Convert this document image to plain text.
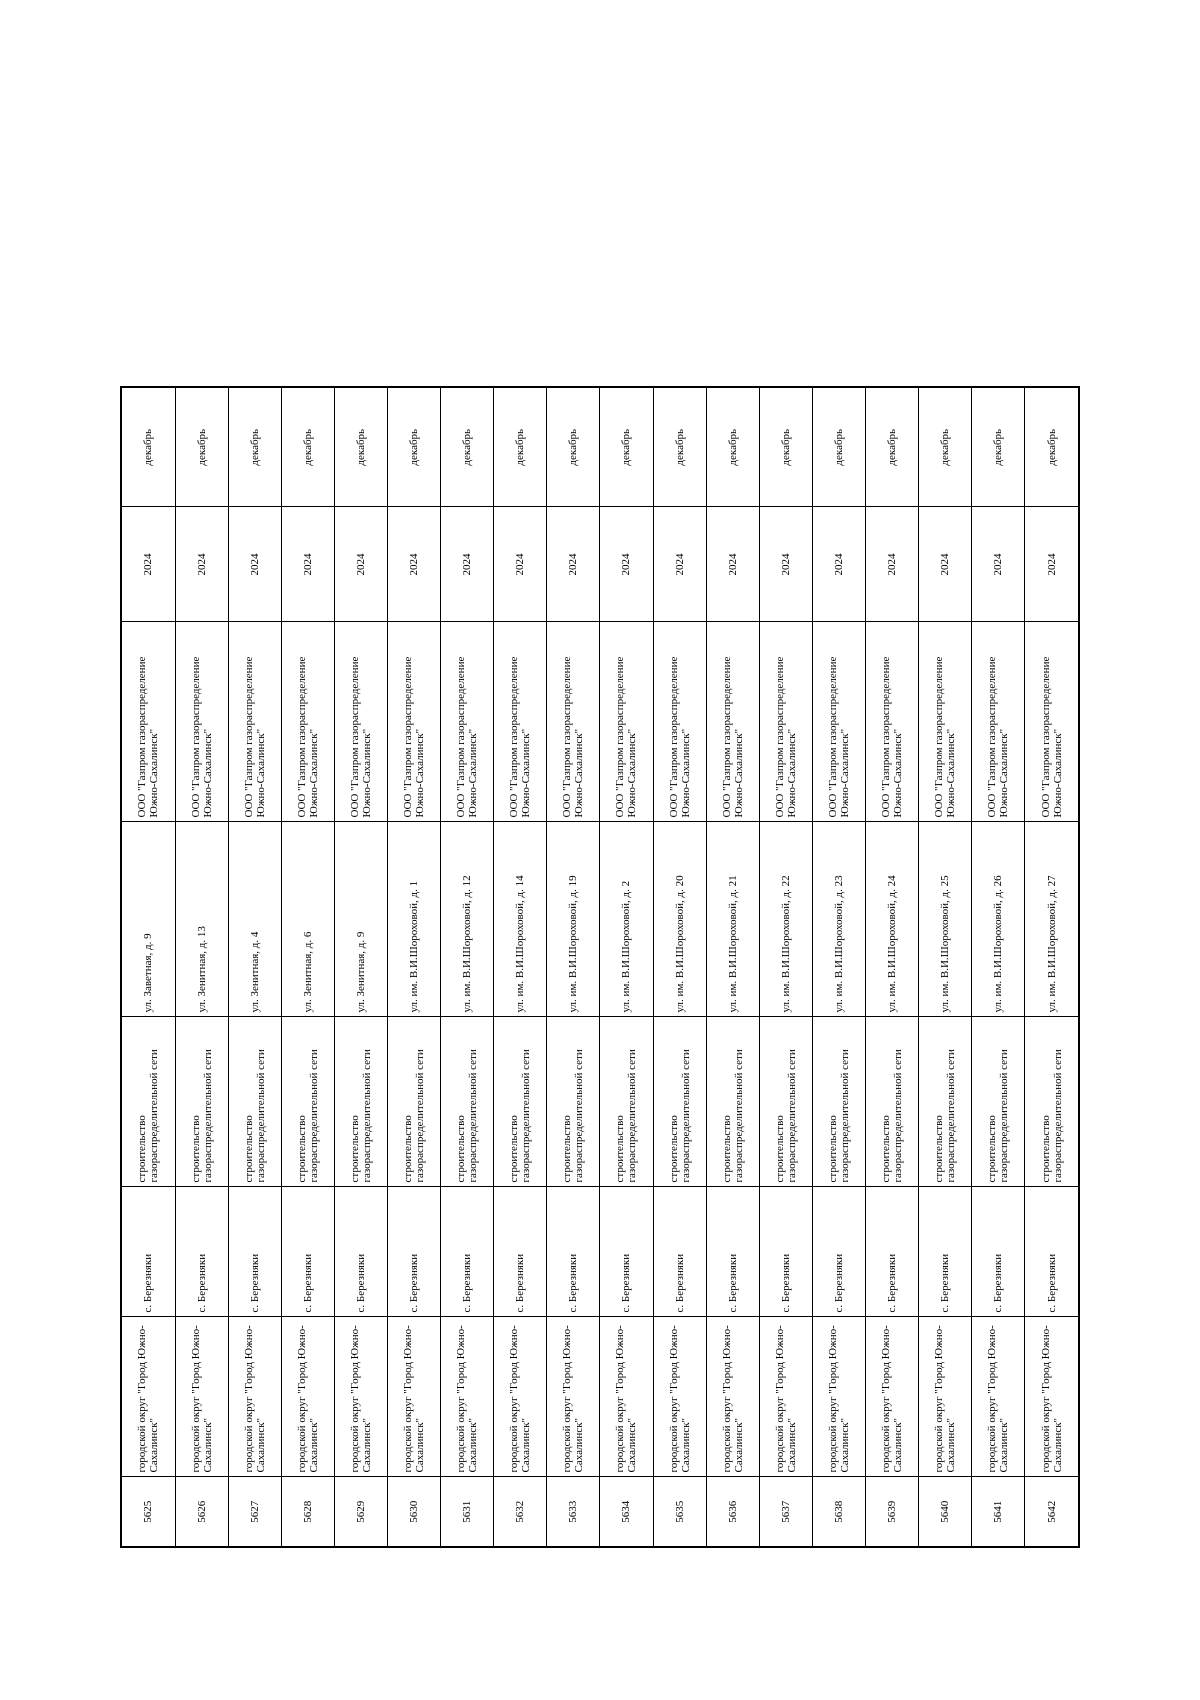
5625	городской округ "Город Южно-Сахалинск"	с. Березняки	строительство газораспределительной сети	ул. Заветная, д. 9	ООО "Газпром газораспределение Южно-Сахалинск"	2024	декабрь
5626	городской округ "Город Южно-Сахалинск"	с. Березняки	строительство газораспределительной сети	ул. Зенитная, д. 13	ООО "Газпром газораспределение Южно-Сахалинск"	2024	декабрь
5627	городской округ "Город Южно-Сахалинск"	с. Березняки	строительство газораспределительной сети	ул. Зенитная, д. 4	ООО "Газпром газораспределение Южно-Сахалинск"	2024	декабрь
5628	городской округ "Город Южно-Сахалинск"	с. Березняки	строительство газораспределительной сети	ул. Зенитная, д. 6	ООО "Газпром газораспределение Южно-Сахалинск"	2024	декабрь
5629	городской округ "Город Южно-Сахалинск"	с. Березняки	строительство газораспределительной сети	ул. Зенитная, д. 9	ООО "Газпром газораспределение Южно-Сахалинск"	2024	декабрь
5630	городской округ "Город Южно-Сахалинск"	с. Березняки	строительство газораспределительной сети	ул. им. В.И.Шороховой, д. 1	ООО "Газпром газораспределение Южно-Сахалинск"	2024	декабрь
5631	городской округ "Город Южно-Сахалинск"	с. Березняки	строительство газораспределительной сети	ул. им. В.И.Шороховой, д. 12	ООО "Газпром газораспределение Южно-Сахалинск"	2024	декабрь
5632	городской округ "Город Южно-Сахалинск"	с. Березняки	строительство газораспределительной сети	ул. им. В.И.Шороховой, д. 14	ООО "Газпром газораспределение Южно-Сахалинск"	2024	декабрь
5633	городской округ "Город Южно-Сахалинск"	с. Березняки	строительство газораспределительной сети	ул. им. В.И.Шороховой, д. 19	ООО "Газпром газораспределение Южно-Сахалинск"	2024	декабрь
5634	городской округ "Город Южно-Сахалинск"	с. Березняки	строительство газораспределительной сети	ул. им. В.И.Шороховой, д. 2	ООО "Газпром газораспределение Южно-Сахалинск"	2024	декабрь
5635	городской округ "Город Южно-Сахалинск"	с. Березняки	строительство газораспределительной сети	ул. им. В.И.Шороховой, д. 20	ООО "Газпром газораспределение Южно-Сахалинск"	2024	декабрь
5636	городской округ "Город Южно-Сахалинск"	с. Березняки	строительство газораспределительной сети	ул. им. В.И.Шороховой, д. 21	ООО "Газпром газораспределение Южно-Сахалинск"	2024	декабрь
5637	городской округ "Город Южно-Сахалинск"	с. Березняки	строительство газораспределительной сети	ул. им. В.И.Шороховой, д. 22	ООО "Газпром газораспределение Южно-Сахалинск"	2024	декабрь
5638	городской округ "Город Южно-Сахалинск"	с. Березняки	строительство газораспределительной сети	ул. им. В.И.Шороховой, д. 23	ООО "Газпром газораспределение Южно-Сахалинск"	2024	декабрь
5639	городской округ "Город Южно-Сахалинск"	с. Березняки	строительство газораспределительной сети	ул. им. В.И.Шороховой, д. 24	ООО "Газпром газораспределение Южно-Сахалинск"	2024	декабрь
5640	городской округ "Город Южно-Сахалинск"	с. Березняки	строительство газораспределительной сети	ул. им. В.И.Шороховой, д. 25	ООО "Газпром газораспределение Южно-Сахалинск"	2024	декабрь
5641	городской округ "Город Южно-Сахалинск"	с. Березняки	строительство газораспределительной сети	ул. им. В.И.Шороховой, д. 26	ООО "Газпром газораспределение Южно-Сахалинск"	2024	декабрь
5642	городской округ "Город Южно-Сахалинск"	с. Березняки	строительство газораспределительной сети	ул. им. В.И.Шороховой, д. 27	ООО "Газпром газораспределение Южно-Сахалинск"	2024	декабрь
